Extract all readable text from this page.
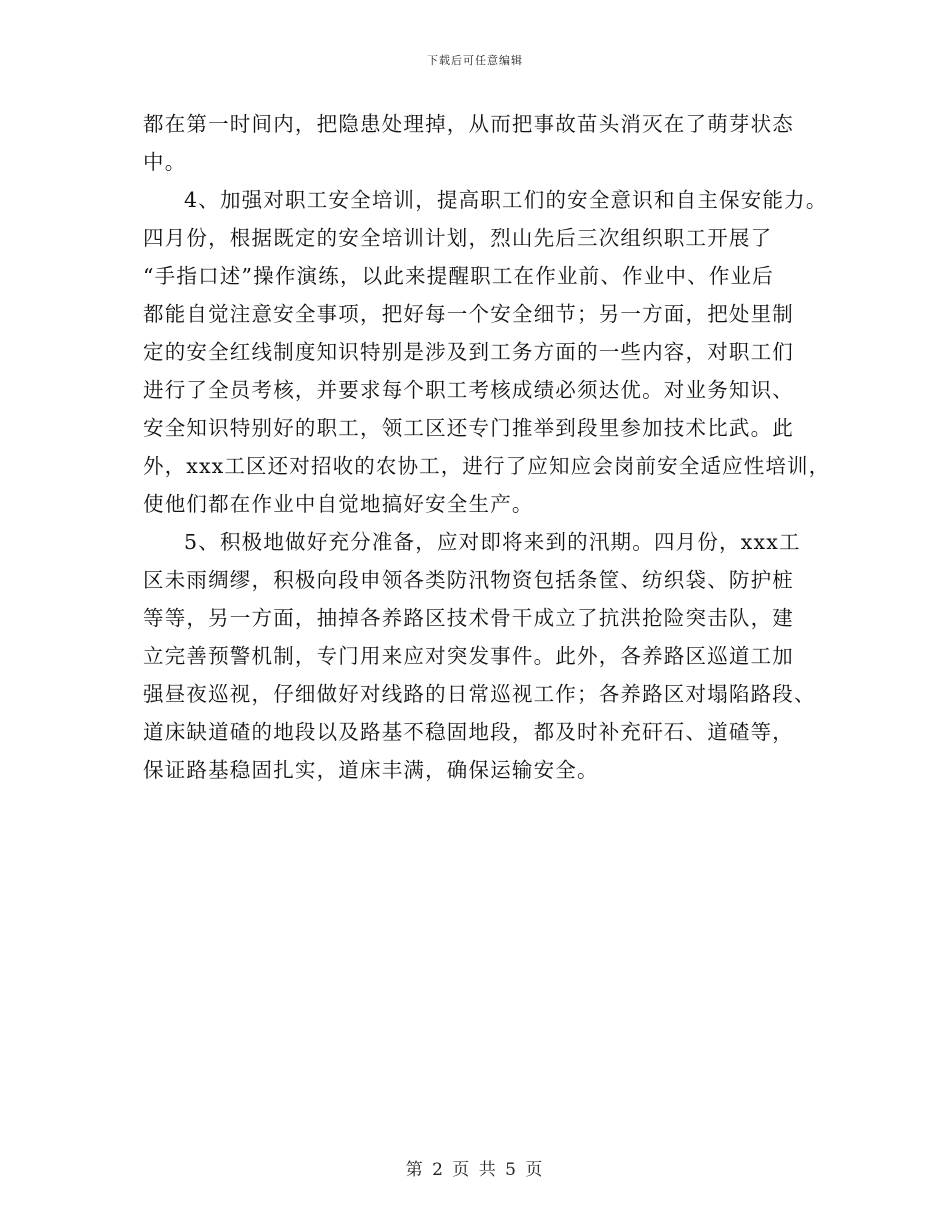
下载后可任意编辑
都在第一时间内，把隐患处理掉，从而把事故苗头消灭在了萌芽状态
中。
4、加强对职工安全培训，提高职工们的安全意识和自主保安能力。
四月份，根据既定的安全培训计划，烈山先后三次组织职工开展了
“手指口述”操作演练，以此来提醒职工在作业前、作业中、作业后
都能自觉注意安全事项，把好每一个安全细节；另一方面，把处里制
定的安全红线制度知识特别是涉及到工务方面的一些内容，对职工们
进行了全员考核，并要求每个职工考核成绩必须达优。对业务知识、
安全知识特别好的职工，领工区还专门推举到段里参加技术比武。此
外，xxx工区还对招收的农协工，进行了应知应会岗前安全适应性培训，
使他们都在作业中自觉地搞好安全生产。
5、积极地做好充分准备，应对即将来到的汛期。四月份，xxx工
区未雨绸缪，积极向段申领各类防汛物资包括条筐、纺织袋、防护桩
等等，另一方面，抽掉各养路区技术骨干成立了抗洪抢险突击队，建
立完善预警机制，专门用来应对突发事件。此外，各养路区巡道工加
强昼夜巡视，仔细做好对线路的日常巡视工作；各养路区对塌陷路段、
道床缺道碴的地段以及路基不稳固地段，都及时补充矸石、道碴等，
保证路基稳固扎实，道床丰满，确保运输安全。
第 2 页 共 5 页
